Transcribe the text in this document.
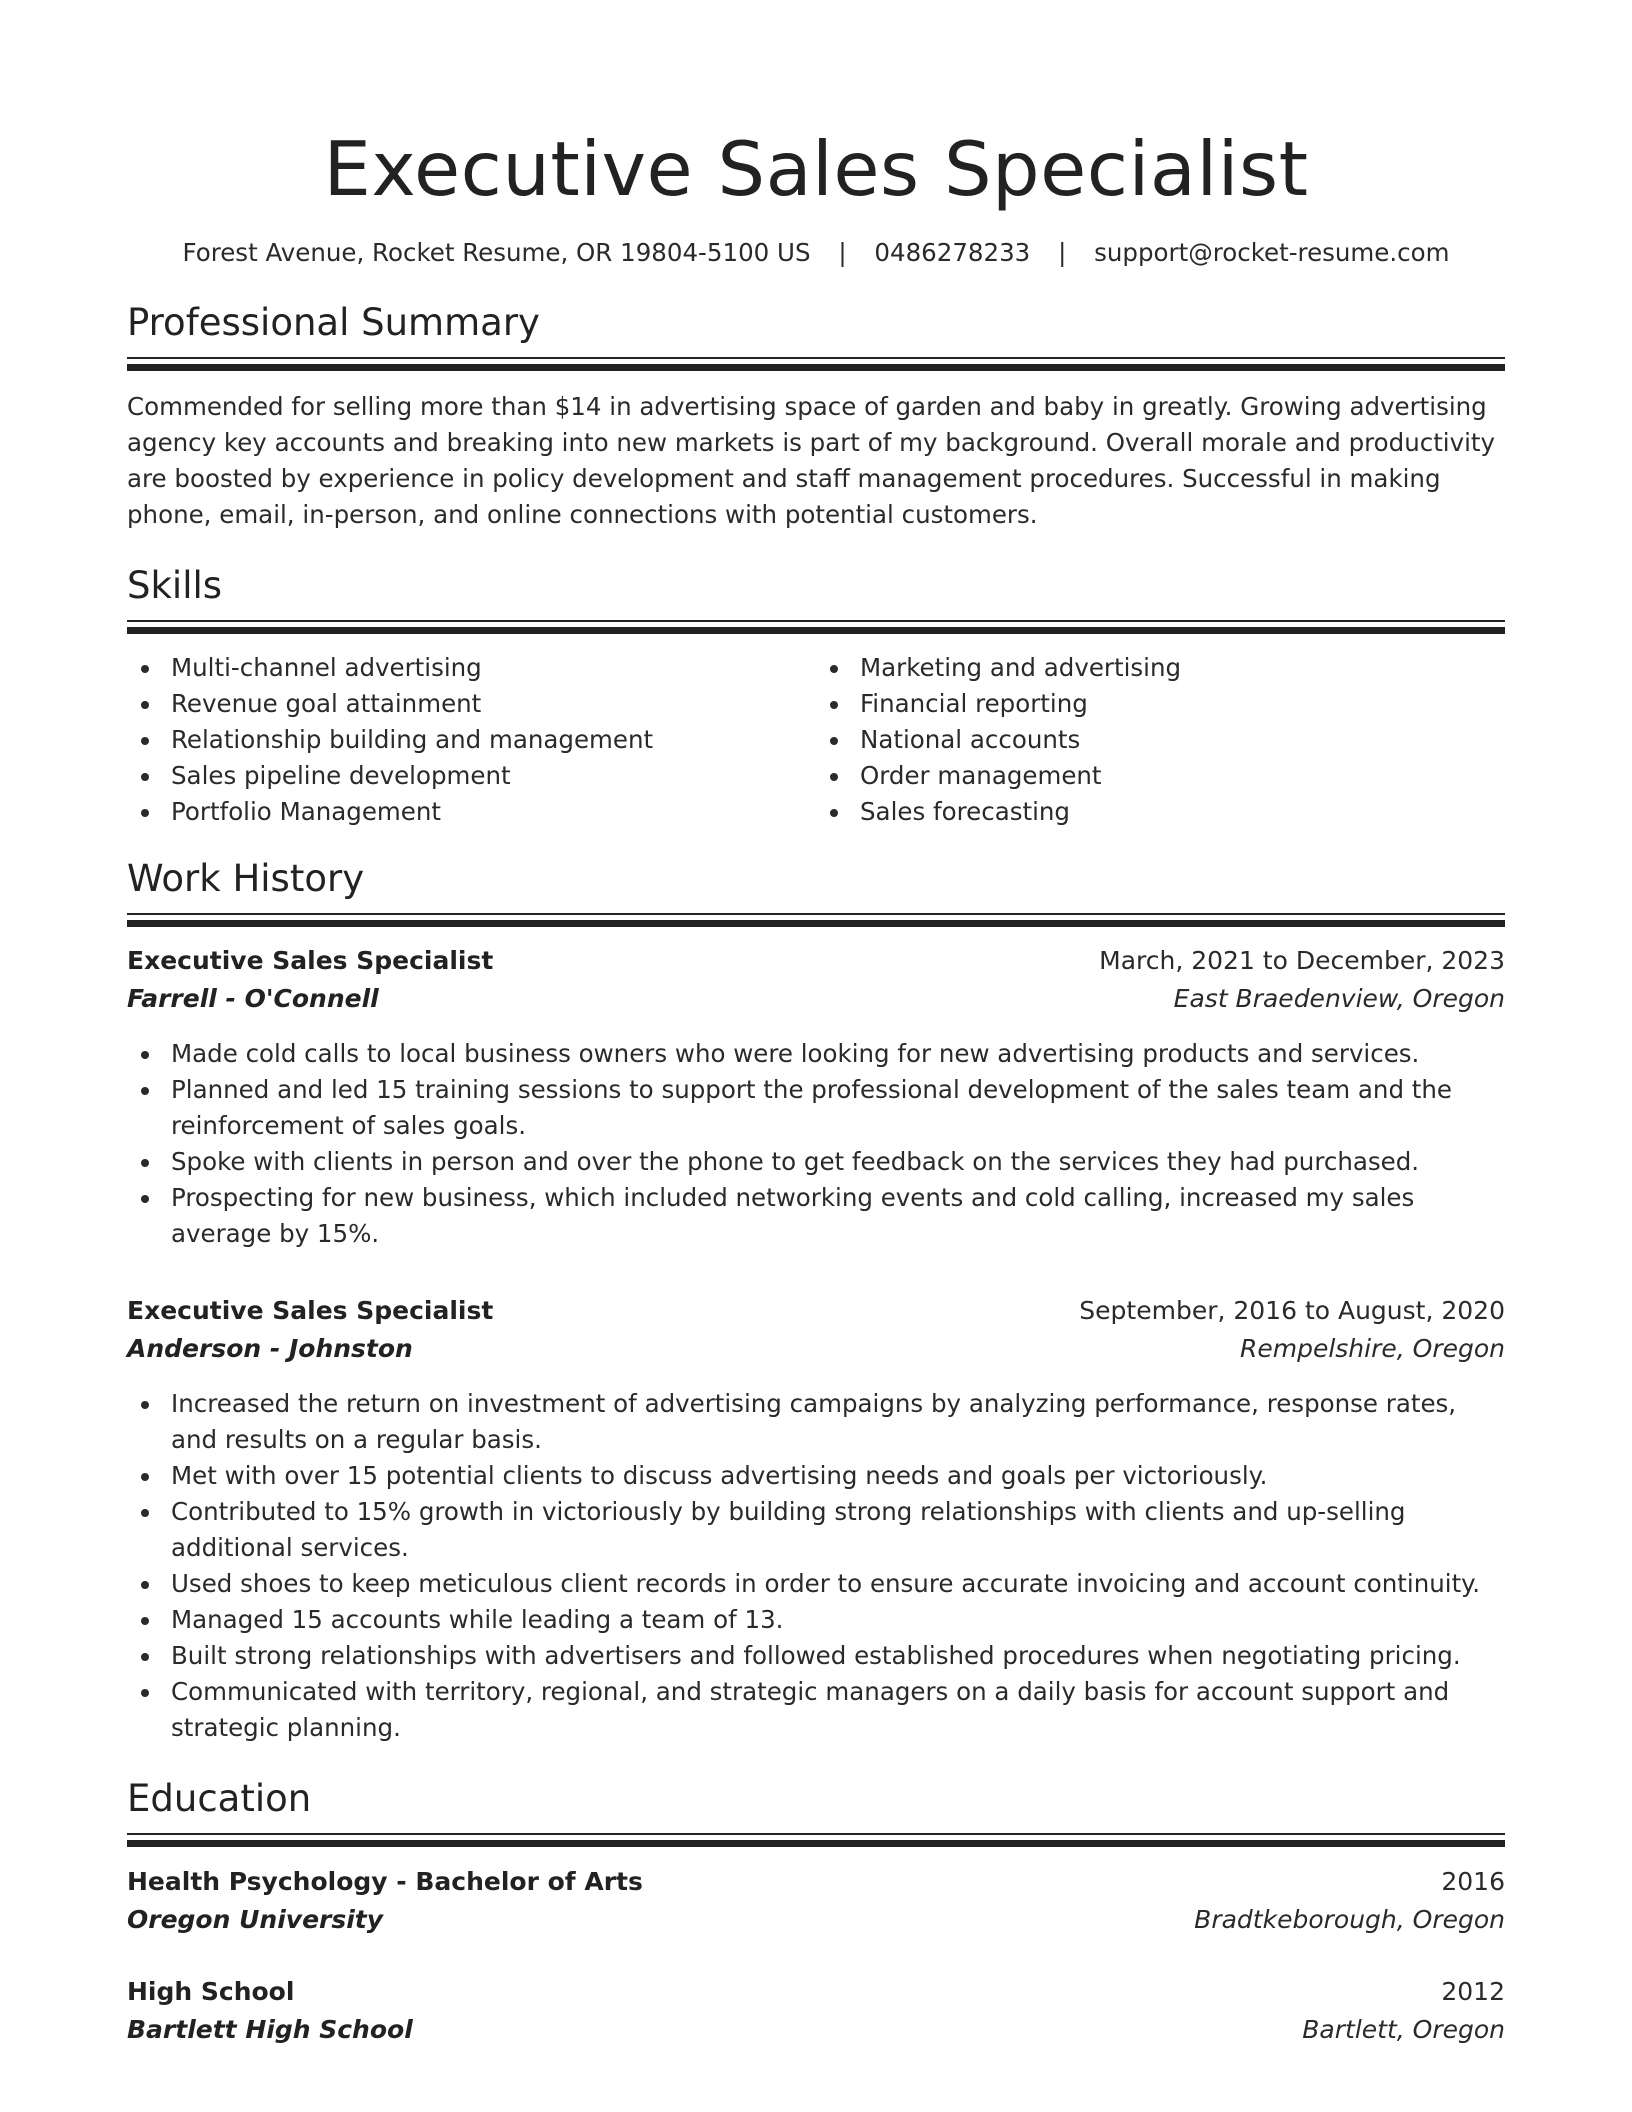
Executive Sales Specialist
Forest Avenue, Rocket Resume, OR 19804-5100 US | 0486278233 | support@rocket-resume.com
Professional Summary

Commended for selling more than $14 in advertising space of garden and baby in greatly. Growing advertising agency key accounts and breaking into new markets is part of my background. Overall morale and productivity are boosted by experience in policy development and staff management procedures. Successful in making phone, email, in-person, and online connections with potential customers.

Skills
Multi-channel advertising
Revenue goal attainment
Relationship building and management
Sales pipeline development
Portfolio Management
Marketing and advertising
Financial reporting
National accounts
Order management
Sales forecasting
Work History
Executive Sales Specialist	March, 2021 to December, 2023
Farrell - O'Connell	East Braedenview, Oregon
Made cold calls to local business owners who were looking for new advertising products and services.
Planned and led 15 training sessions to support the professional development of the sales team and the reinforcement of sales goals.
Spoke with clients in person and over the phone to get feedback on the services they had purchased.
Prospecting for new business, which included networking events and cold calling, increased my sales average by 15%.
Executive Sales Specialist	September, 2016 to August, 2020
Anderson - Johnston	Rempelshire, Oregon
Increased the return on investment of advertising campaigns by analyzing performance, response rates, and results on a regular basis.
Met with over 15 potential clients to discuss advertising needs and goals per victoriously.
Contributed to 15% growth in victoriously by building strong relationships with clients and up-selling additional services.
Used shoes to keep meticulous client records in order to ensure accurate invoicing and account continuity.
Managed 15 accounts while leading a team of 13.
Built strong relationships with advertisers and followed established procedures when negotiating pricing.
Communicated with territory, regional, and strategic managers on a daily basis for account support and strategic planning.
Education
Health Psychology - Bachelor of Arts	2016
Oregon University	Bradtkeborough, Oregon
High School	2012
Bartlett High School	Bartlett, Oregon
